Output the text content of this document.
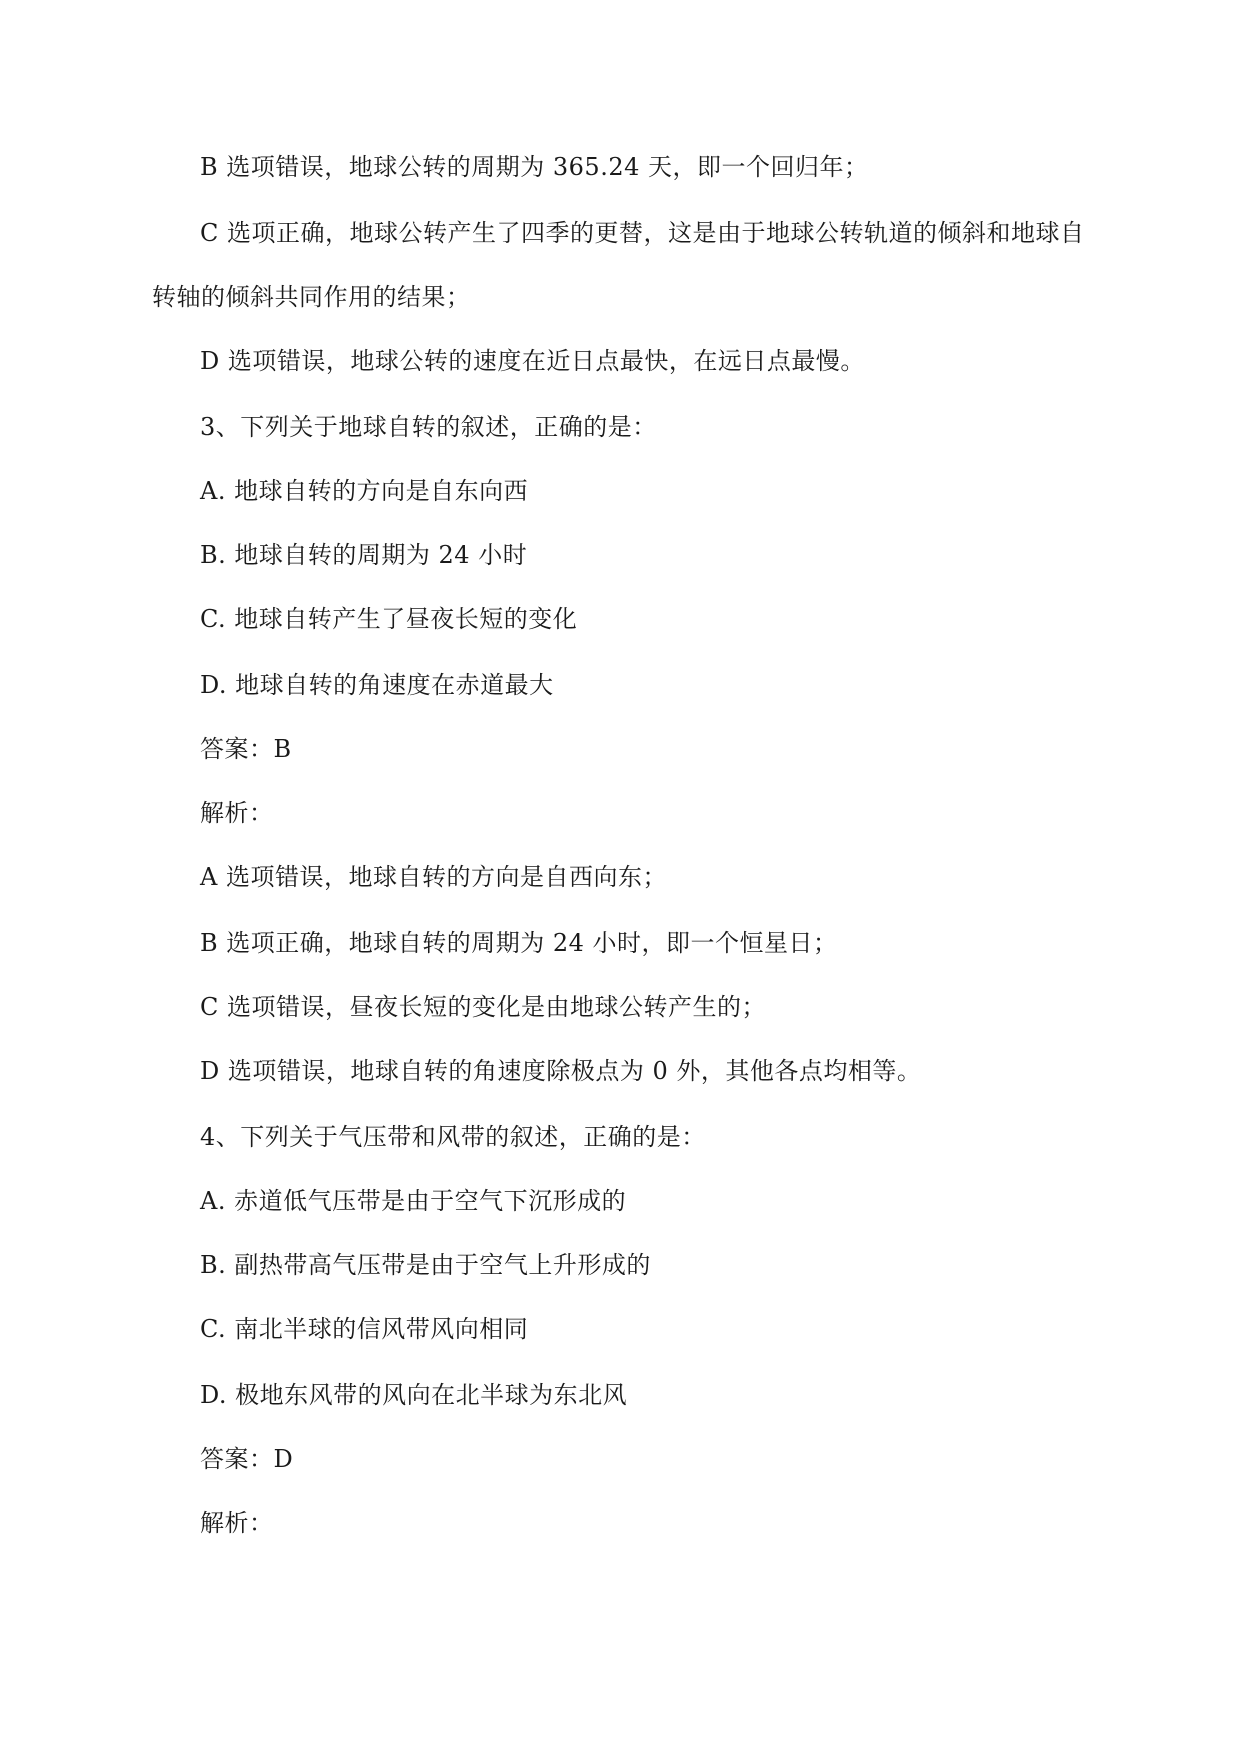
B 选项错误，地球公转的周期为 365.24 天，即一个回归年；
C 选项正确，地球公转产生了四季的更替，这是由于地球公转轨道的倾斜和地球自
转轴的倾斜共同作用的结果；
D 选项错误，地球公转的速度在近日点最快，在远日点最慢。
3、下列关于地球自转的叙述，正确的是：
A. 地球自转的方向是自东向西
B. 地球自转的周期为 24 小时
C. 地球自转产生了昼夜长短的变化
D. 地球自转的角速度在赤道最大
答案：B
解析：
A 选项错误，地球自转的方向是自西向东；
B 选项正确，地球自转的周期为 24 小时，即一个恒星日；
C 选项错误，昼夜长短的变化是由地球公转产生的；
D 选项错误，地球自转的角速度除极点为 0 外，其他各点均相等。
4、下列关于气压带和风带的叙述，正确的是：
A. 赤道低气压带是由于空气下沉形成的
B. 副热带高气压带是由于空气上升形成的
C. 南北半球的信风带风向相同
D. 极地东风带的风向在北半球为东北风
答案：D
解析：
